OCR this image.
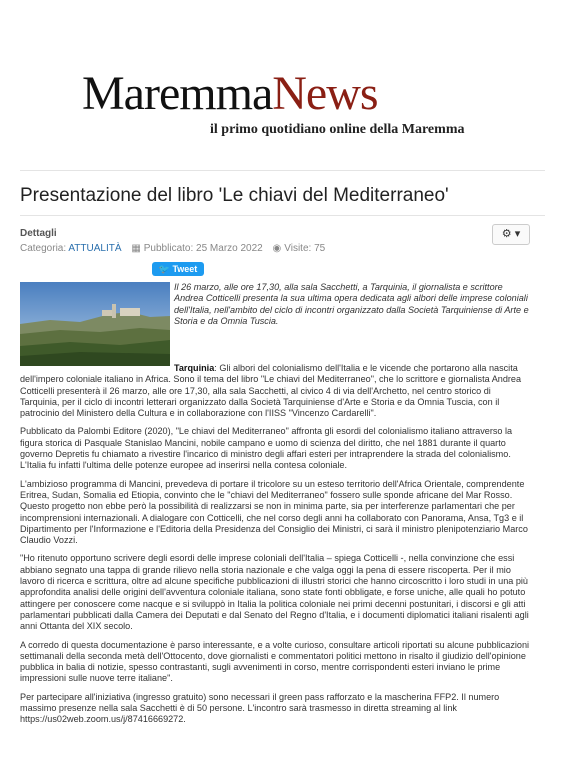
MaremmaNews
il primo quotidiano online della Maremma
Presentazione del libro 'Le chiavi del Mediterraneo'
Dettagli
Categoria: ATTUALITÀ ▦ Pubblicato: 25 Marzo 2022 ◉ Visite: 75
⚙ ▾
🐦 Tweet

Il 26 marzo, alle ore 17,30, alla sala Sacchetti, a Tarquinia, il giornalista e scrittore Andrea Cotticelli presenta la sua ultima opera dedicata agli albori delle imprese coloniali dell'Italia, nell'ambito del ciclo di incontri organizzato dalla Società Tarquiniense di Arte e Storia e da Omnia Tuscia.

Tarquinia: Gli albori del colonialismo dell'Italia e le vicende che portarono alla nascita dell'impero coloniale italiano in Africa. Sono il tema del libro "Le chiavi del Mediterraneo", che lo scrittore e giornalista Andrea Cotticelli presenterà il 26 marzo, alle ore 17,30, alla sala Sacchetti, al civico 4 di via dell'Archetto, nel centro storico di Tarquinia, per il ciclo di incontri letterari organizzato dalla Società Tarquiniense d'Arte e Storia e da Omnia Tuscia, con il patrocinio del Ministero della Cultura e in collaborazione con l'IISS "Vincenzo Cardarelli".

Pubblicato da Palombi Editore (2020), "Le chiavi del Mediterraneo" affronta gli esordi del colonialismo italiano attraverso la figura storica di Pasquale Stanislao Mancini, nobile campano e uomo di scienza del diritto, che nel 1881 durante il quarto governo Depretis fu chiamato a rivestire l'incarico di ministro degli affari esteri per intraprendere la strada del colonialismo. L'Italia fu infatti l'ultima delle potenze europee ad inserirsi nella contesa coloniale.

L'ambizioso programma di Mancini, prevedeva di portare il tricolore su un esteso territorio dell'Africa Orientale, comprendente Eritrea, Sudan, Somalia ed Etiopia, convinto che le "chiavi del Mediterraneo" fossero sulle sponde africane del Mar Rosso. Questo progetto non ebbe però la possibilità di realizzarsi se non in minima parte, sia per interferenze parlamentari che per incomprensioni internazionali. A dialogare con Cotticelli, che nel corso degli anni ha collaborato con Panorama, Ansa, Tg3 e il Dipartimento per l'Informazione e l'Editoria della Presidenza del Consiglio dei Ministri, ci sarà il ministro plenipotenziario Marco Claudio Vozzi.

"Ho ritenuto opportuno scrivere degli esordi delle imprese coloniali dell'Italia – spiega Cotticelli -, nella convinzione che essi abbiano segnato una tappa di grande rilievo nella storia nazionale e che valga oggi la pena di essere riscoperta. Per il mio lavoro di ricerca e scrittura, oltre ad alcune specifiche pubblicazioni di illustri storici che hanno circoscritto i loro studi in una più approfondita analisi delle origini dell'avventura coloniale italiana, sono state fonti obbligate, e forse uniche, alle quali ho potuto attingere per conoscere come nacque e si sviluppò in Italia la politica coloniale nei primi decenni postunitari, i discorsi e gli atti parlamentari pubblicati dalla Camera dei Deputati e dal Senato del Regno d'Italia, e i documenti diplomatici italiani risalenti agli anni Ottanta del XIX secolo.

A corredo di questa documentazione è parso interessante, e a volte curioso, consultare articoli riportati su alcune pubblicazioni settimanali della seconda metà dell'Ottocento, dove giornalisti e commentatori politici mettono in risalto il giudizio dell'opinione pubblica in balia di notizie, spesso contrastanti, sugli avvenimenti in corso, mentre corrispondenti esteri inviano le prime impressioni sulle nuove terre italiane".

Per partecipare all'iniziativa (ingresso gratuito) sono necessari il green pass rafforzato e la mascherina FFP2. Il numero massimo presenze nella sala Sacchetti è di 50 persone. L'incontro sarà trasmesso in diretta streaming al link https://us02web.zoom.us/j/87416669272.
